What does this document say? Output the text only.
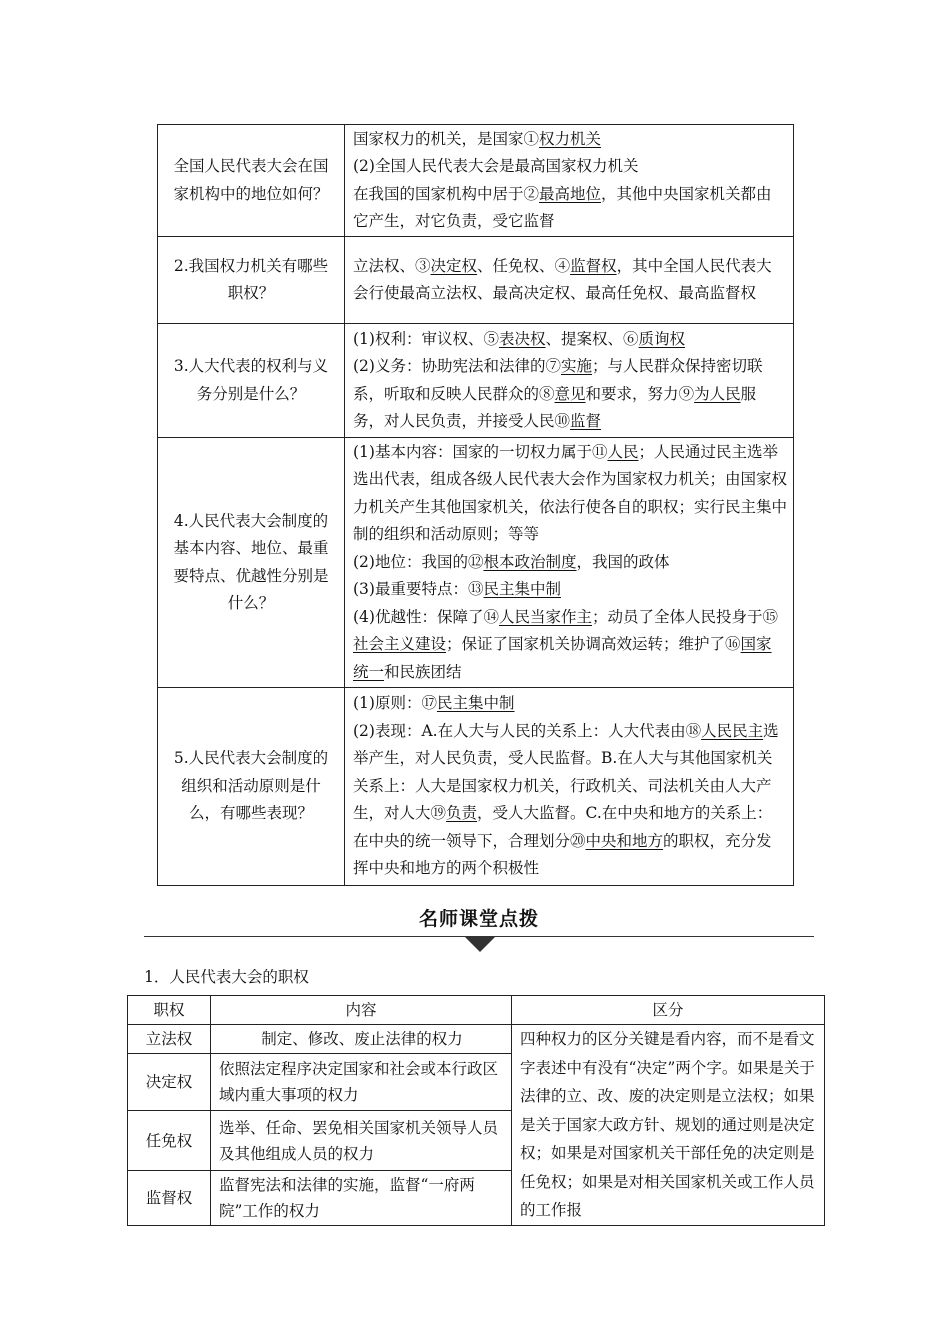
全国人民代表大会在国家机构中的地位如何？	国家权力的机关，是国家①权力机关

(2)全国人民代表大会是最高国家权力机关

在我国的国家机构中居于②最高地位，其他中央国家机关都由它产生，对它负责，受它监督

2.我国权力机关有哪些职权？	立法权、③决定权、任免权、④监督权，其中全国人民代表大会行使最高立法权、最高决定权、最高任免权、最高监督权

3.人大代表的权利与义务分别是什么？	(1)权利：审议权、⑤表决权、提案权、⑥质询权

(2)义务：协助宪法和法律的⑦实施；与人民群众保持密切联系，听取和反映人民群众的⑧意见和要求，努力⑨为人民服务，对人民负责，并接受人民⑩监督

4.人民代表大会制度的基本内容、地位、最重要特点、优越性分别是什么？	(1)基本内容：国家的一切权力属于⑪人民；人民通过民主选举选出代表，组成各级人民代表大会作为国家权力机关；由国家权力机关产生其他国家机关，依法行使各自的职权；实行民主集中制的组织和活动原则；等等

(2)地位：我国的⑫根本政治制度，我国的政体

(3)最重要特点：⑬民主集中制

(4)优越性：保障了⑭人民当家作主；动员了全体人民投身于⑮社会主义建设；保证了国家机关协调高效运转；维护了⑯国家统一和民族团结

5.人民代表大会制度的组织和活动原则是什么，有哪些表现？	(1)原则：⑰民主集中制

(2)表现：A.在人大与人民的关系上：人大代表由⑱人民民主选举产生，对人民负责，受人民监督。B.在人大与其他国家机关关系上：人大是国家权力机关，行政机关、司法机关由人大产生，对人大⑲负责，受人大监督。C.在中央和地方的关系上：在中央的统一领导下，合理划分⑳中央和地方的职权，充分发挥中央和地方的两个积极性

名师课堂点拨
1．人民代表大会的职权
职权	内容	区分
立法权	制定、修改、废止法律的权力	四种权力的区分关键是看内容，而不是看文字表述中有没有“决定”两个字。如果是关于法律的立、改、废的决定则是立法权；如果是关于国家大政方针、规划的通过则是决定权；如果是对国家机关干部任免的决定则是任免权；如果是对相关国家机关或工作人员的工作报
决定权	依照法定程序决定国家和社会或本行政区域内重大事项的权力	
任免权	选举、任命、罢免相关国家机关领导人员及其他组成人员的权力	
监督权	监督宪法和法律的实施，监督“一府两院”工作的权力	
